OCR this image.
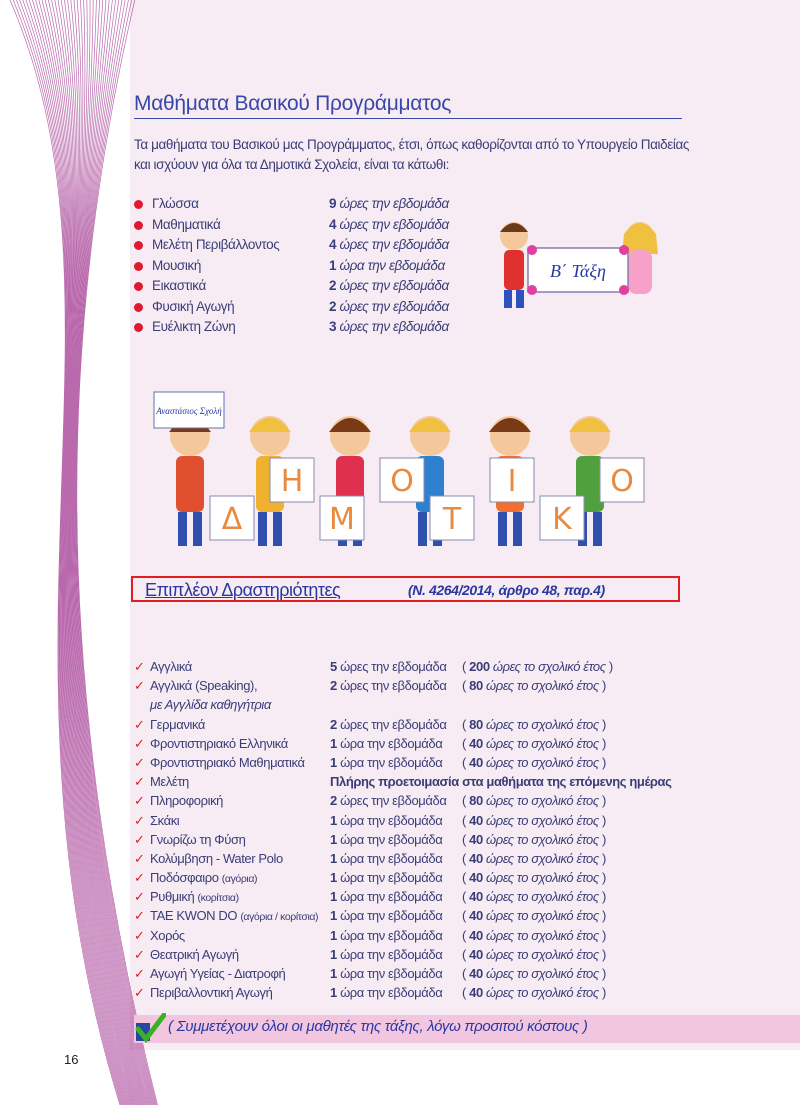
Μαθήματα Βασικού Προγράμματος
Τα μαθήματα του Βασικού μας Προγράμματος, έτσι, όπως καθορίζονται από το Υπουργείο Παιδείας και ισχύουν για όλα τα Δημοτικά Σχολεία, είναι τα κάτωθι:
Γλώσσα	9 ώρες την εβδομάδα
Μαθηματικά	4 ώρες την εβδομάδα
Μελέτη Περιβάλλοντος	4 ώρες την εβδομάδα
Μουσική	1 ώρα την εβδομάδα
Εικαστικά	2 ώρες την εβδομάδα
Φυσική Αγωγή	2 ώρες την εβδομάδα
Ευέλικτη Ζώνη	3 ώρες την εβδομάδα
Β΄ Τάξη
Αναστάσιος Σχολή
Η	Ο	Ι	Ο
Δ	Μ	Τ	Κ
Επιπλέον Δραστηριότητες	(Ν. 4264/2014, άρθρο 48, παρ.4)
✓ Αγγλικά	5 ώρες την εβδομάδα ( 200 ώρες το σχολικό έτος )
✓ Αγγλικά (Speaking),	2 ώρες την εβδομάδα ( 80 ώρες το σχολικό έτος )
με Αγγλίδα καθηγήτρια
✓ Γερμανικά	2 ώρες την εβδομάδα ( 80 ώρες το σχολικό έτος )
✓ Φροντιστηριακό Ελληνικά	1 ώρα την εβδομάδα ( 40 ώρες το σχολικό έτος )
✓ Φροντιστηριακό Μαθηματικά 1 ώρα την εβδομάδα ( 40 ώρες το σχολικό έτος )
✓ Μελέτη	Πλήρης προετοιμασία στα μαθήματα της επόμενης ημέρας
✓ Πληροφορική	2 ώρες την εβδομάδα ( 80 ώρες το σχολικό έτος )
✓ Σκάκι	1 ώρα την εβδομάδα ( 40 ώρες το σχολικό έτος )
✓ Γνωρίζω τη Φύση	1 ώρα την εβδομάδα ( 40 ώρες το σχολικό έτος )
✓ Κολύμβηση - Water Polo	1 ώρα την εβδομάδα ( 40 ώρες το σχολικό έτος )
✓ Ποδόσφαιρο (αγόρια)	1 ώρα την εβδομάδα ( 40 ώρες το σχολικό έτος )
✓ Ρυθμική (κορίτσια)	1 ώρα την εβδομάδα ( 40 ώρες το σχολικό έτος )
✓ TAE KWON DO (αγόρια / κορίτσια) 1 ώρα την εβδομάδα ( 40 ώρες το σχολικό έτος )
✓ Χορός	1 ώρα την εβδομάδα ( 40 ώρες το σχολικό έτος )
✓ Θεατρική Αγωγή	1 ώρα την εβδομάδα ( 40 ώρες το σχολικό έτος )
✓ Αγωγή Υγείας - Διατροφή	1 ώρα την εβδομάδα ( 40 ώρες το σχολικό έτος )
✓ Περιβαλλοντική Αγωγή	1 ώρα την εβδομάδα ( 40 ώρες το σχολικό έτος )
( Συμμετέχουν όλοι οι μαθητές της τάξης, λόγω προσιτού κόστους )
16
